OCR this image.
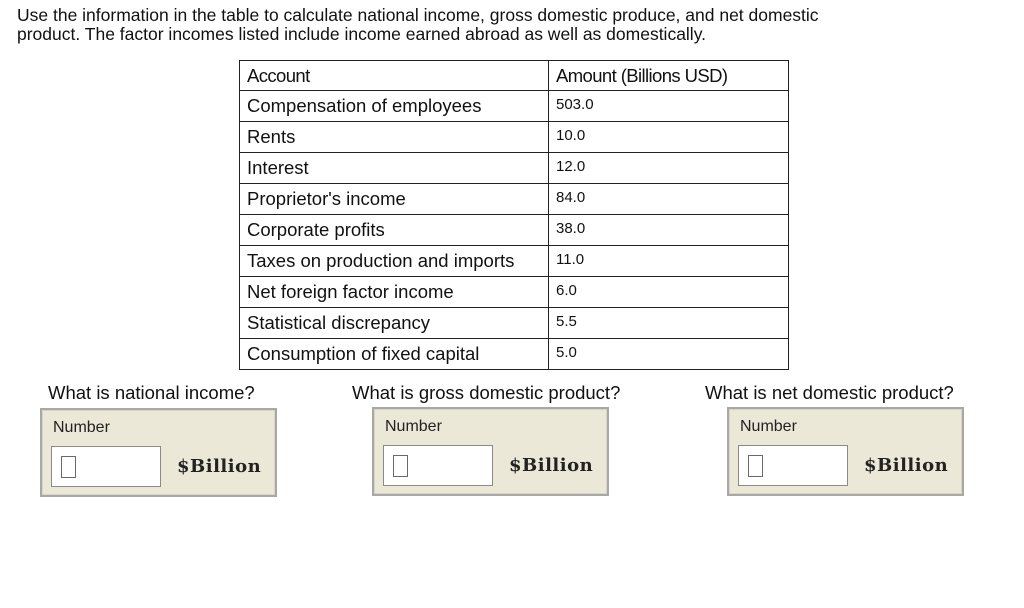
Use the information in the table to calculate national income, gross domestic produce, and net domestic
product. The factor incomes listed include income earned abroad as well as domestically.

Account	Amount (Billions USD)
Compensation of employees	503.0
Rents	10.0
Interest	12.0
Proprietor's income	84.0
Corporate profits	38.0
Taxes on production and imports	11.0
Net foreign factor income	6.0
Statistical discrepancy	5.5
Consumption of fixed capital	5.0
What is national income?
Number
$Billion
What is gross domestic product?
Number
$Billion
What is net domestic product?
Number
$Billion
